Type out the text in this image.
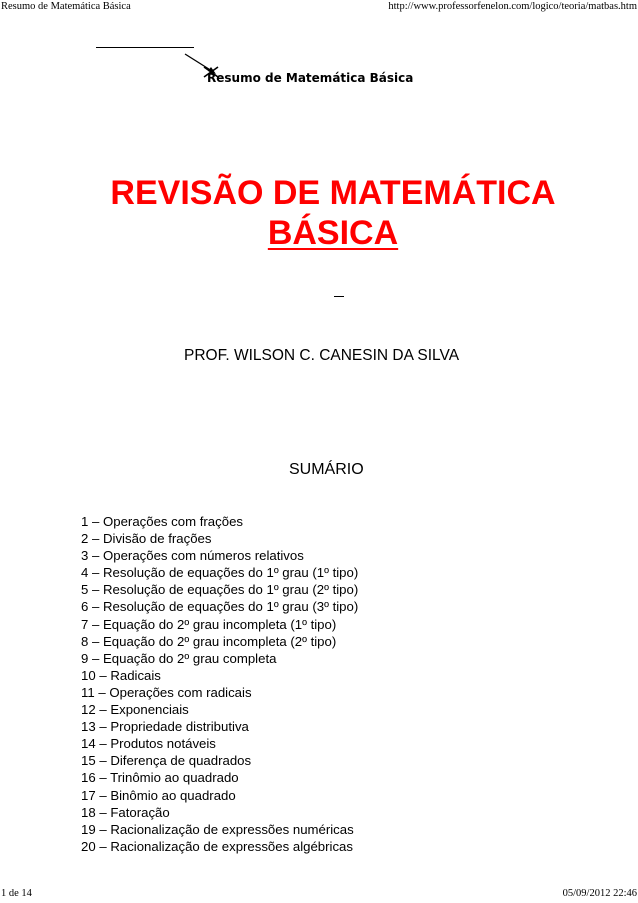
Resumo de Matemática Básica	http://www.professorfenelon.com/logico/teoria/matbas.htm
Resumo de Matemática Básica
REVISÃO DE MATEMÁTICA
BÁSICA
PROF. WILSON C. CANESIN DA SILVA
SUMÁRIO
1 – Operações com frações
2 – Divisão de frações
3 – Operações com números relativos
4 – Resolução de equações do 1º grau (1º tipo)
5 – Resolução de equações do 1º grau (2º tipo)
6 – Resolução de equações do 1º grau (3º tipo)
7 – Equação do 2º grau incompleta (1º tipo)
8 – Equação do 2º grau incompleta (2º tipo)
9 – Equação do 2º grau completa
10 – Radicais
11 – Operações com radicais
12 – Exponenciais
13 – Propriedade distributiva
14 – Produtos notáveis
15 – Diferença de quadrados
16 – Trinômio ao quadrado
17 – Binômio ao quadrado
18 – Fatoração
19 – Racionalização de expressões numéricas
20 – Racionalização de expressões algébricas
1 de 14	05/09/2012 22:46
